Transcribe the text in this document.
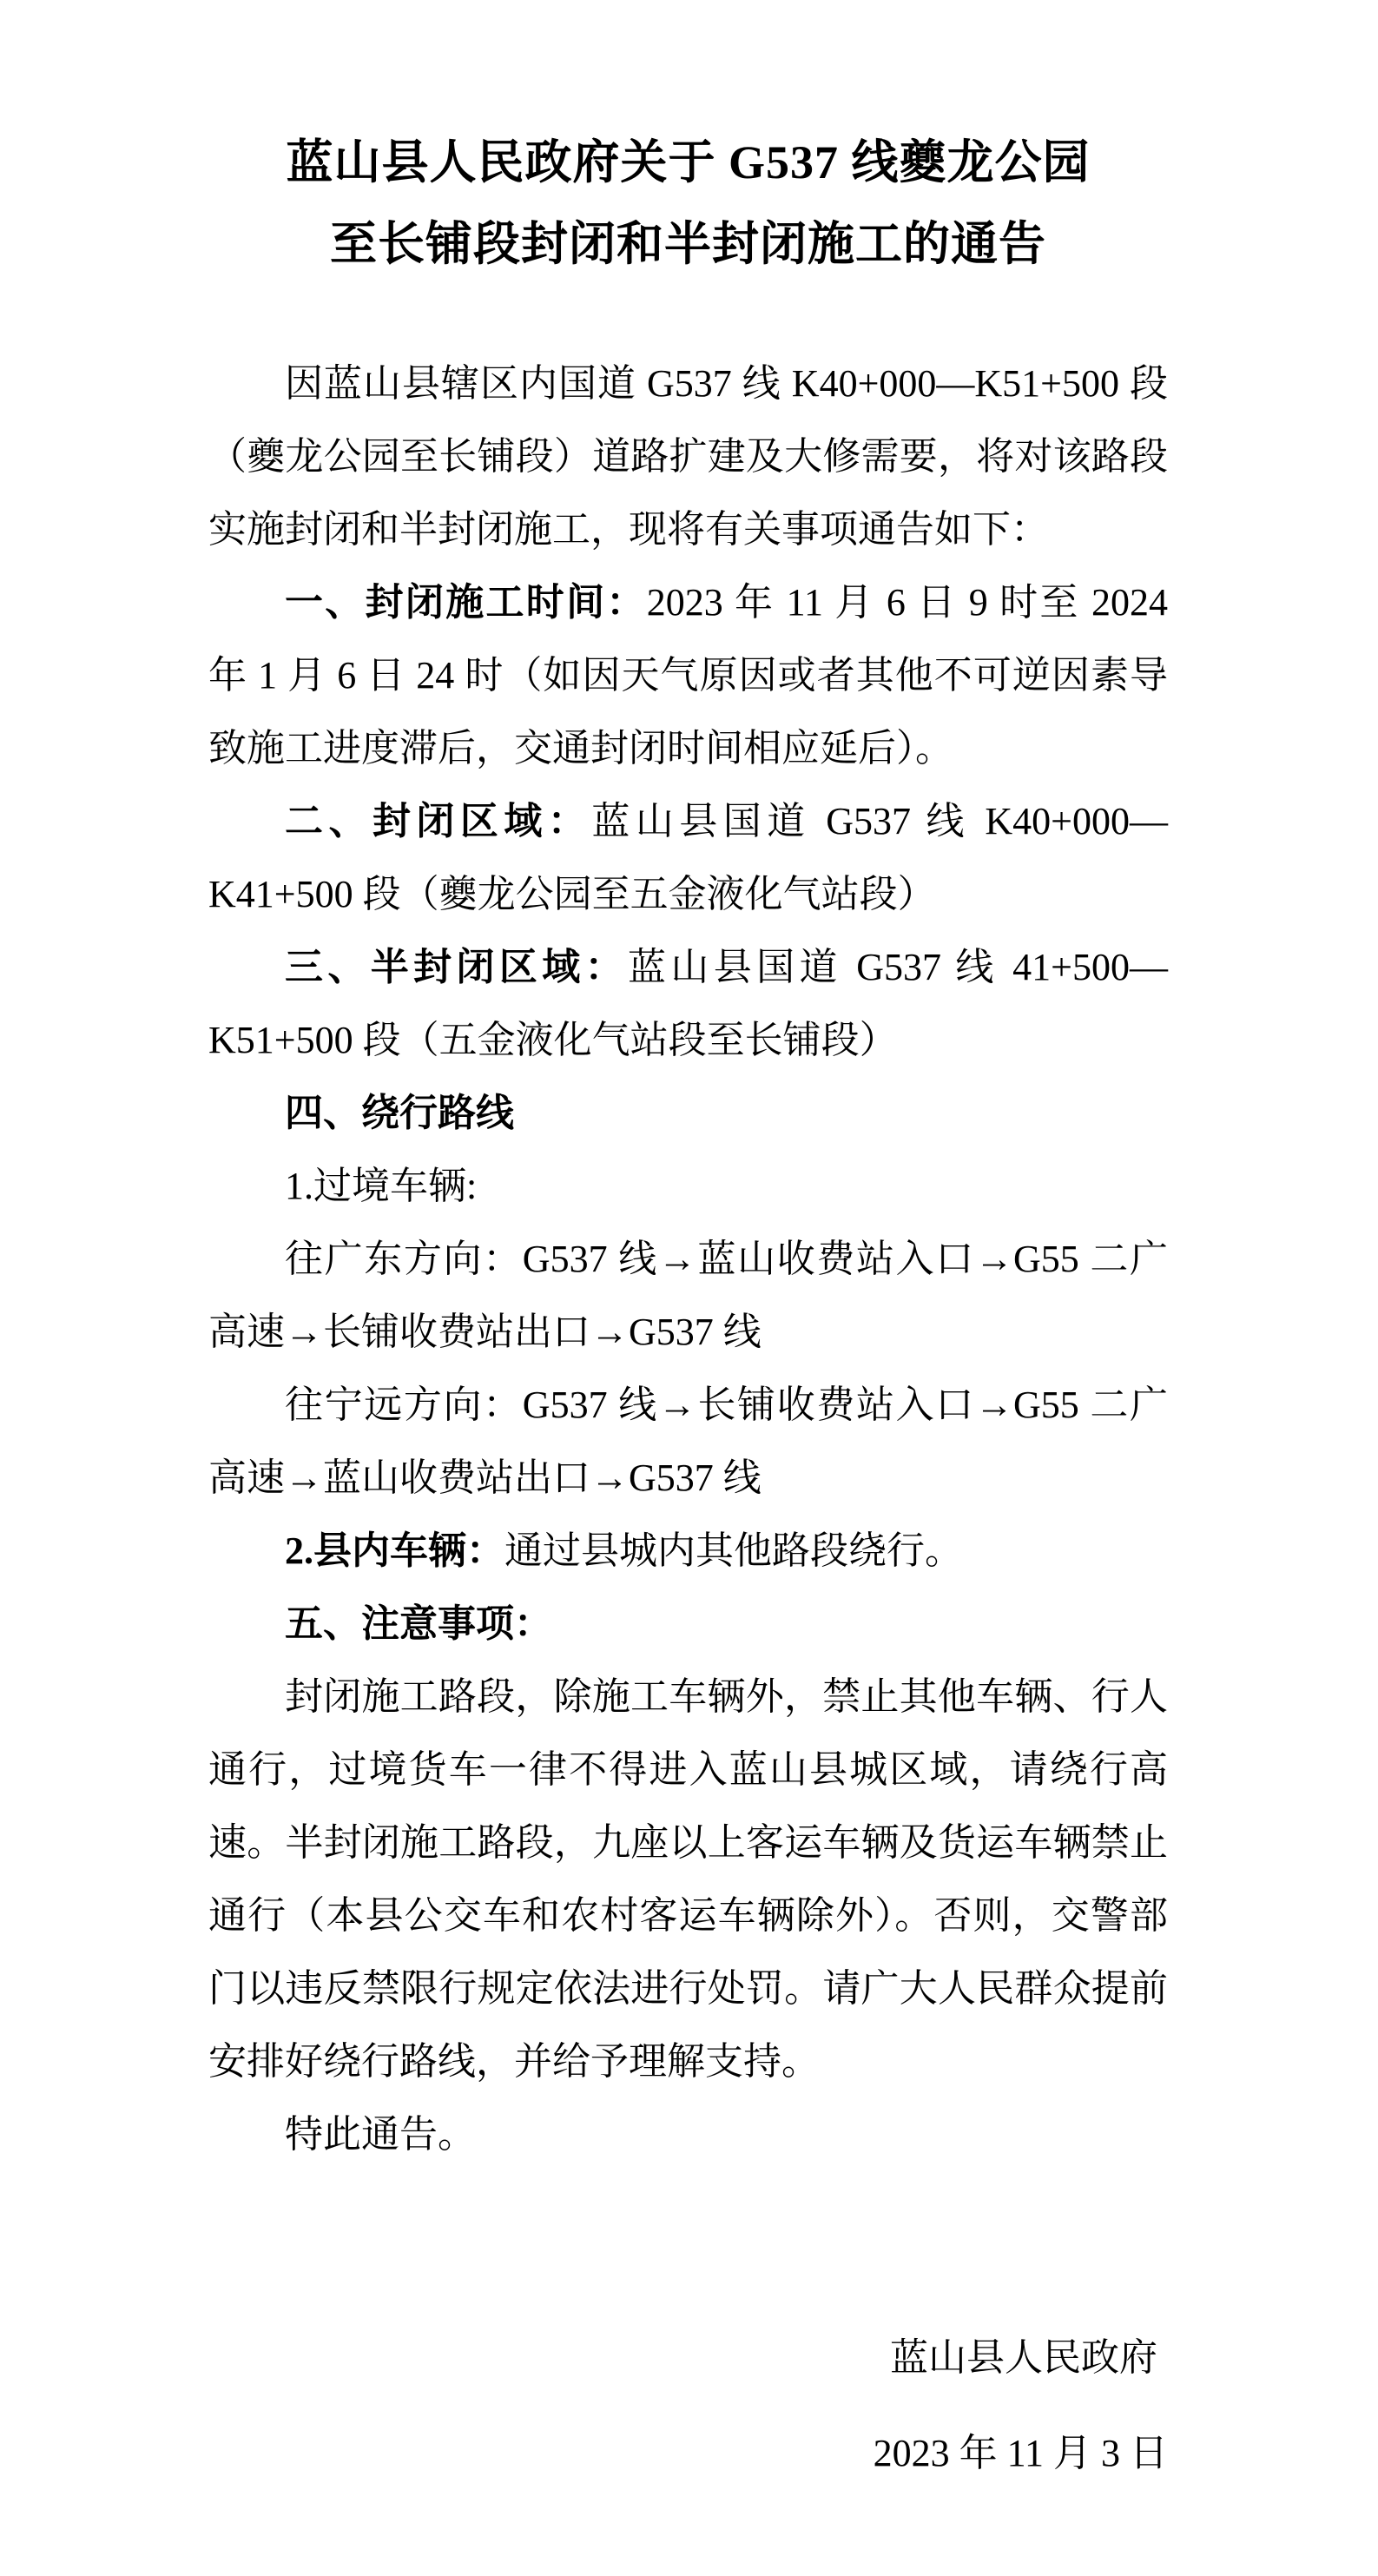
蓝山县人民政府关于 G537 线夔龙公园
至长铺段封闭和半封闭施工的通告

因蓝山县辖区内国道 G537 线 K40+000—K51+500 段（夔龙公园至长铺段）道路扩建及大修需要，将对该路段实施封闭和半封闭施工，现将有关事项通告如下：

一、封闭施工时间：2023 年 11 月 6 日 9 时至 2024 年 1 月 6 日 24 时（如因天气原因或者其他不可逆因素导致施工进度滞后，交通封闭时间相应延后）。

二、封闭区域：蓝山县国道 G537 线 K40+000—K41+500 段（夔龙公园至五金液化气站段）

三、半封闭区域：蓝山县国道 G537 线 41+500—K51+500 段（五金液化气站段至长铺段）

四、绕行路线

1.过境车辆:

往广东方向：G537 线→蓝山收费站入口→G55 二广高速→长铺收费站出口→G537 线

往宁远方向：G537 线→长铺收费站入口→G55 二广高速→蓝山收费站出口→G537 线

2.县内车辆：通过县城内其他路段绕行。

五、注意事项：

封闭施工路段，除施工车辆外，禁止其他车辆、行人通行，过境货车一律不得进入蓝山县城区域，请绕行高速。半封闭施工路段，九座以上客运车辆及货运车辆禁止通行（本县公交车和农村客运车辆除外）。否则，交警部门以违反禁限行规定依法进行处罚。请广大人民群众提前安排好绕行路线，并给予理解支持。

特此通告。

蓝山县人民政府
2023 年 11 月 3 日
